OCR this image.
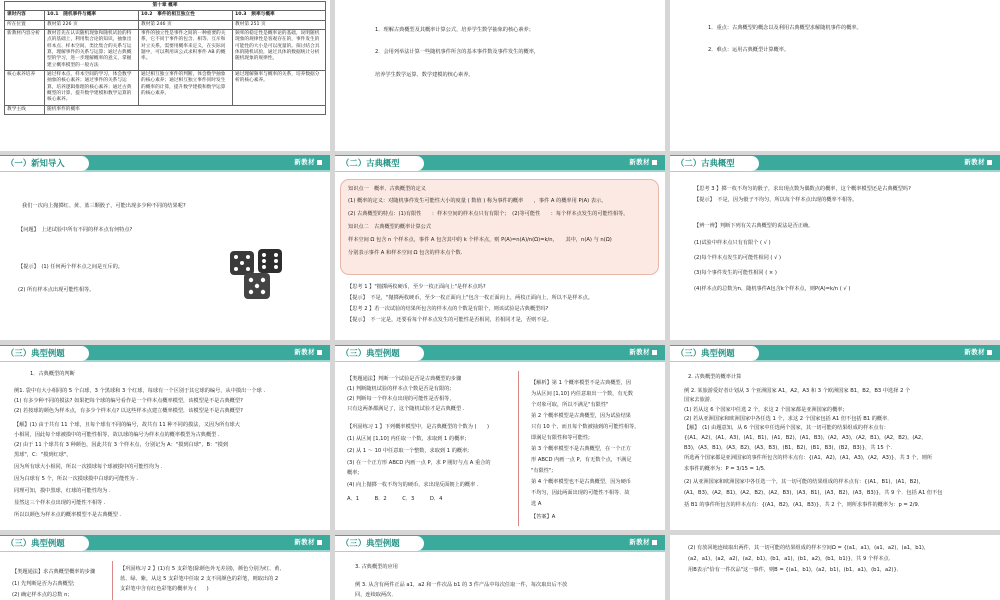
第十章 概率			
课时内容	10.1　随机事件与概率	10.2　事件的相互独立性	10.3　频率与概率
所在位置	教材第 226 页	教材第 246 页	教材第 251 页
新教材内容分析	教材首先在认识随机现象和随机试验的特点的基础上，利用集合论的知识，抽象出样本点、样本空间、类比集合的关系与运算，理解事件的关系与运算；通过古典概型的学习，进一步理解概率的意义，掌握建立概率模型的一般方法	事件的独立性是事件之间的一种重要的关系，它不同于事件的包含、相等、互斥和对立关系。需要用概率来定义，在实际问题中，可以利用该公式求积事件 AB 的概率。	频率的稳定性是概率论的基础，说明随机现象的规律性是客观存在的，事件发生的可能性的大小是可以度量的。探讨结合具体的随机试验，通过具体的数据统计分析随机现象的规律性。
核心素养培养	通过样本点、样本空间的学习，体会数学抽象的核心素养；通过事件的关系与运算，培养逻辑推理的核心素养；通过古典概型的计算，提升数学建模和数学运算的核心素养。	通过相互独立事件的判断，体会数学抽象的核心素养；通过相互独立事件同时发生的概率的计算，提升数学建模和数学运算的核心素养。	通过理解频率与概率的关系，培养数据分析的核心素养。
教学主线	随机事件的概率		
1．理解古典概型及其概率计算公式，培养学生数学抽象的核心素养；
2．会用列举法计算一些随机事件所含的基本事件数及事件发生的概率，
培养学生数学运算、数学建模的核心素养。
1．重点：古典概型的概念以及利用古典概型求解随机事件的概率。
2．难点：运用古典概型计算概率。
（一）新知导入	新教材
我们一次向上抛掷红、黄、蓝三颗骰子，可能出现多少种不同的结果呢?
【问题】　上述试验中所有不同的样本点有何特点?
【提示】　(1) 任何两个样本点之间是互斥的。
(2) 所有样本点出现可能性相等。
（二）古典概型	新教材
知识点一　概率、古典概型的定义
(1) 概率的定义：对随机事件发生可能性大小的度量 ( 数值 ) 称为事件的概率　　，事件 A 的概率用 P(A) 表示。
(2) 古典概型的特点：(1)有限性　　：样本空间的样本点只有有限个；　(2)等可能性　　：每个样本点发生的可能性相等。
知识点二　古典概型的概率计算公式
样本空间 Ω 包含 n 个样本点，事件 A 包含其中的 k 个样本点，则 P(A)=n(A)/n(Ω)=k/n，　　其中，n(A) 与 n(Ω)
分别表示事件 A 和样本空间 Ω 包含的样本点个数.
【思考 1 】"抛掷两枚硬币，至少一枚正面向上"是样本点吗?
【提示】　不是，"抛掷两枚硬币，至少一枚正面向上"包含一枚正面向上，两枚正面向上，所以不是样本点。
【思考 2 】若一次试验的结果所包含的样本点的个数是有限个，则该试验是古典概型吗?
【提示】　不一定是，还要看每个样本点发生的可能性是否相同，若相同才是，否则不是。
（二）古典概型	新教材
【思考 3 】掷一枚不均匀的骰子，求出现点数为偶数点的概率，这个概率模型还是古典概型吗?
【提示】　不是，因为骰子不均匀，所以每个样本点出现的概率不相等。
【辨一辨】判断下列有关古典概型的说法是否正确。
(1)试验中样本点只有有限个 ( √ )
(2)每个样本点发生的可能性相同 ( √ )
(3)每个事件发生的可能性相同 ( × )
(4)样本点的总数为n，随机事件A包含k个样本点，则P(A)=k/n ( √ )
（三）典型例题	新教材
1．古典概型的判断
例1. 袋中有大小相同的 5 个白球，3 个黑球和 3 个红球，每球有一个区别于其它球的编号，从中摸出一个球 .
(1) 有多少种不同的摸法? 如果把每个球的编号看作是一个样本点概率模型，该模型是不是古典概型?
(2) 若按球的颜色为样本点，有多少个样本点? 以这些样本点建立概率模型，该模型是不是古典概型?
【解】(1) 由于共有 11 个球，且每个球有不同的编号，故共有 11 种不同的摸法，又因为所有球大
小相同，因此每个球被摸中的可能性相等，故以球的编号为样本点的概率模型为古典概型 .
(2) 由于 11 个球共有 3 种颜色，因此共有 3 个样本点，分别记为 A："摸到白球"，B："摸到
黑球"，C："摸到红球"，
因为所有球大小相同，所以一次摸球每个球被摸中的可能性均为 .
因为白球有 5 个，所以一次摸球摸中白球的可能性为 .
同理可知，摸中黑球，红球的可能性均为 .
显然这三个样本点出现的可能性不相等 .
所以以颜色为样本点的概率模型不是古典概型 .
（三）典型例题	新教材
【类题通法】判断一个试验是否是古典概型的步骤
(1) 判断随机试验的样本点个数是否是有限的;
(2) 判断每一个样本点出现的可能性是否相等，
只有这两条都满足了，这个随机试验才是古典概型 .
【巩固练习 1 】下列概率模型中，是古典概型的个数为 (　　)
(1) 从区间 [1,10] 内任取一个数，求取到 1 的概率;
(2) 从 1 ～ 10 中任意取一个整数，求取到 1 的概率;
(3) 在一个正方形 ABCD 内画一点 P，求 P 刚好与点 A 重合的
概率;
(4) 向上抛掷一枚不均匀的硬币，求出现反面朝上的概率 .
A．1　　　B．2　　　C．3　　　D．4
【解析】第 1 个概率模型不是古典概型，因
为从区间 [1,10] 内任意取出一个数，有无数
个对象可取，所以不满足"有限性"
第 2 个概率模型是古典概型，因为试验结果
只有 10 个，而且每个数被抽到的可能性相等，
即满足有限性和等可能性;
第 3 个概率模型不是古典概型，在一个正方
形 ABCD 内画一点 P，有无数个点，不满足
"有限性";
第 4 个概率模型也不是古典概型，因为硬币
不均匀，因此两面出现的可能性不相等．故
选 A
【答案】A
（三）典型例题	新教材
2. 古典概型的概率计算
例 2. 某旅游爱好者计划从 3 个亚洲国家 A1，A2，A3 和 3 个欧洲国家 B1，B2，B3 中选择 2 个
国家去旅游．
(1) 若从这 6 个国家中任选 2 个，求这 2 个国家都是亚洲国家的概率;
(2) 若从亚洲国家和欧洲国家中各任选 1 个，求这 2 个国家包括 A1 但不包括 B1 的概率．
【解】　(1) 由题意知，从 6 个国家中任选两个国家，其一切可能的结果组成的样本点有：
{(A1，A2)，(A1，A3)，(A1，B1)，(A1，B2)，(A1，B3)，(A2，A3)，(A2，B1)，(A2，B2)，(A2，
B3)，(A3，B1)，(A3，B2)，(A3，B3)，(B1，B2)，(B1，B3)，(B2，B3)}，共 15 个．
所选两个国家都是亚洲国家的事件所包含的样本点有：{(A1，A2)，(A1，A3)，(A2，A3)}，共 3 个，则所
求事件的概率为：P = 3/15 = 1/5．
(2) 从亚洲国家和欧洲国家中各任选一个，其一切可能的结果组成的样本点有：{(A1，B1)，(A1，B2)，
(A1，B3)，(A2，B1)，(A2，B2)，(A2，B3)，(A3，B1)，(A3，B2)，(A3，B3)}，共 9 个．包括 A1 但不包
括 B1 的事件所包含的样本点有：{(A1，B2)，(A1，B3)}，共 2 个，则所求事件的概率为：p = 2/9．
（三）典型例题	新教材
【类题通法】求古典概型概率的步骤
(1) 先判断是否为古典概型;
(2) 确定样本点的总数 n；
【巩固练习 2 】(1)有 5 支彩笔(除颜色外无差别)，颜色分别为红、黄、
蓝、绿、紫，从这 5 支彩笔中任取 2 支不同颜色的彩笔，则取出的 2
支彩笔中含有红色彩笔的概率为 (　　)
（三）典型例题	新教材
3. 古典概型的应用
例 3. 从含有两件正品 a1，a2 和一件次品 b1 的 3 件产品中每次任取一件，每次取出后不放
回，连续取两次．
(2) 有放回地连续取出两件，其一切可能的结果组成的样本空间Ω = {(a1，a1)，(a1，a2)，(a1，b1)，
(a2，a1)，(a2，a2)，(a2，b1)，(b1，a1)，(b1，a2)，(b1，b1)}，共 9 个样本点．
用B表示"恰有一件次品"这一事件，则B = {(a1，b1)，(a2，b1)，(b1，a1)，(b1，a2)}．
